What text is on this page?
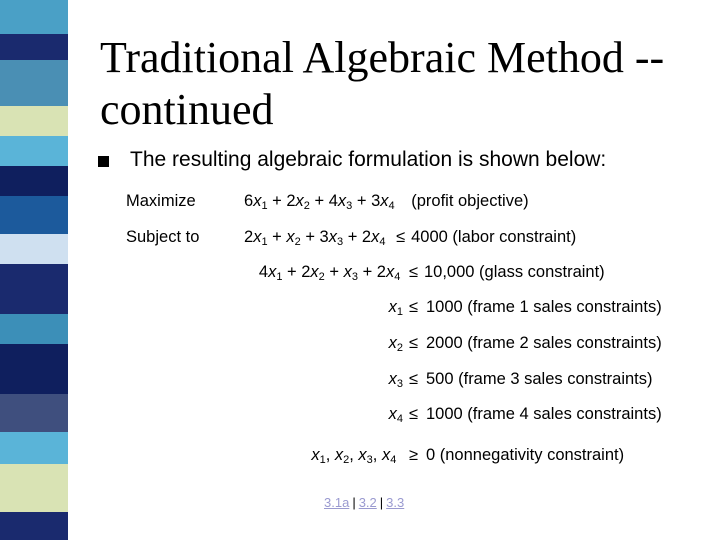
Traditional Algebraic Method -- continued
The resulting algebraic formulation is shown below:
Maximize	$6x_1 + 2x_2 + 4x_3 + 3x_4$ (profit objective)
Subject to	$2x_1 + x_2 + 3x_3 + 2x_4 \le 4000$ (labor constraint)
$4x_1 + 2x_2 + x_3 + 2x_4 \le 10,000$ (glass constraint)
$x_1 \le 1000$ (frame 1 sales constraints)
$x_2 \le 2000$ (frame 2 sales constraints)
$x_3 \le 500$ (frame 3 sales constraints)
$x_4 \le 1000$ (frame 4 sales constraints)
$x_1$, $x_2$, $x_3$, $x_4 \ge 0$ (nonnegativity constraint)
3.1a | 3.2 | 3.3
